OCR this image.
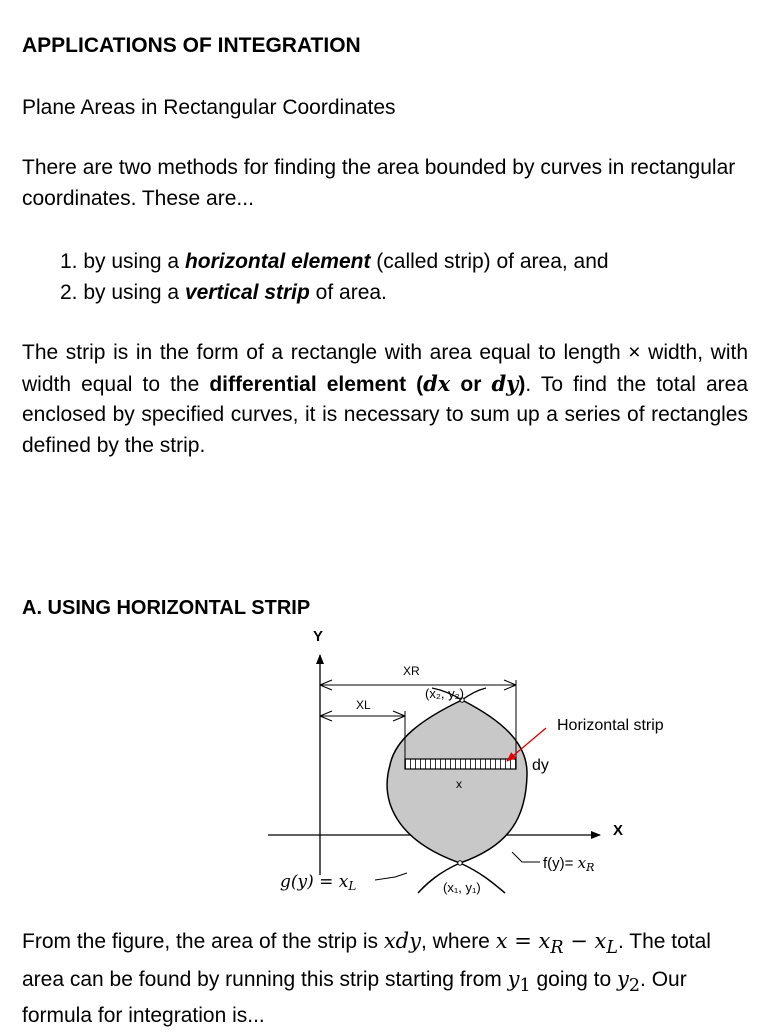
APPLICATIONS OF INTEGRATION
Plane Areas in Rectangular Coordinates
There are two methods for finding the area bounded by curves in rectangular coordinates. These are...
1. by using a horizontal element (called strip) of area, and
2. by using a vertical strip of area.
The strip is in the form of a rectangle with area equal to length × width, with width equal to the differential element (dx or dy). To find the total area enclosed by specified curves, it is necessary to sum up a series of rectangles defined by the strip.
A. USING HORIZONTAL STRIP
Y
X
XR
XL
(x₂, y₂)
Horizontal strip
dy
x
$f(y)= x_R$
g(y) = xL	(x₁, y₁)
From the figure, the area of the strip is xdy, where $x = x_R - x_L$. The total area can be found by running this strip starting from $y_1$ going to $y_2$. Our formula for integration is...
